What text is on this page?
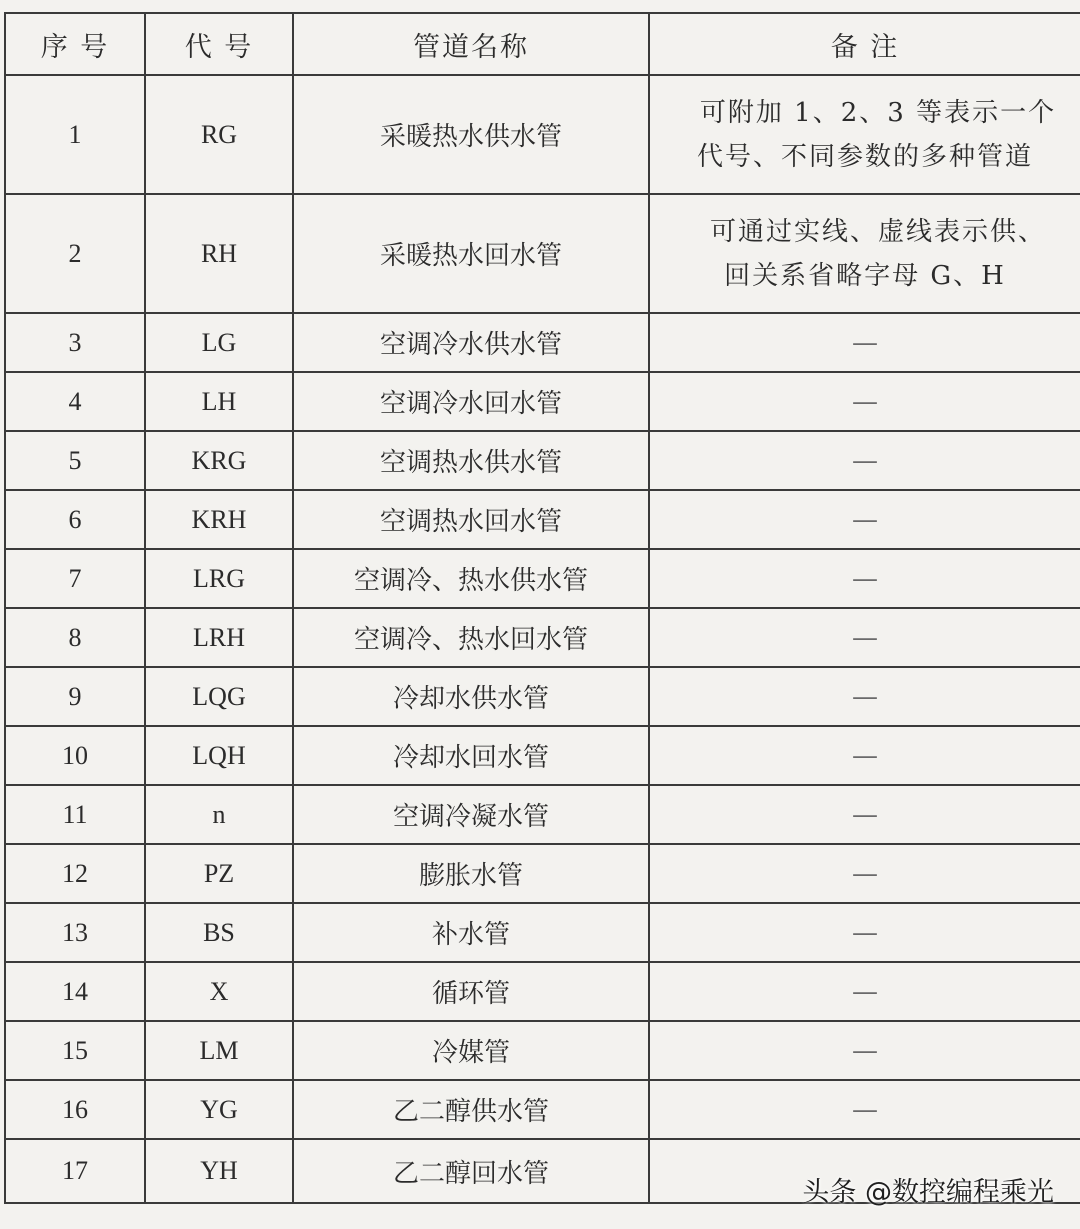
序 号	代 号	管道名称	备 注
1	RG	采暖热水供水管	可附加 1、2、3 等表示一个
代号、不同参数的多种管道

2	RH	采暖热水回水管	可通过实线、虚线表示供、
回关系省略字母 G、H

3	LG	空调冷水供水管	—
4	LH	空调冷水回水管	—
5	KRG	空调热水供水管	—
6	KRH	空调热水回水管	—
7	LRG	空调冷、热水供水管	—
8	LRH	空调冷、热水回水管	—
9	LQG	冷却水供水管	—
10	LQH	冷却水回水管	—
11	n	空调冷凝水管	—
12	PZ	膨胀水管	—
13	BS	补水管	—
14	X	循环管	—
15	LM	冷媒管	—
16	YG	乙二醇供水管	—
17	YH	乙二醇回水管	
头条 @数控编程乘光
